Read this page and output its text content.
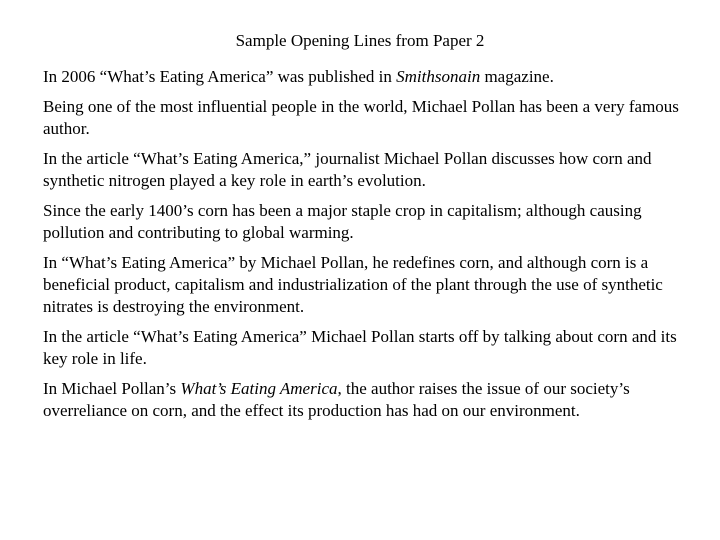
Sample Opening Lines from Paper 2

In 2006 “What’s Eating America” was published in Smithsonain magazine.

Being one of the most influential people in the world, Michael Pollan has been a very famous author.

In the article “What’s Eating America,” journalist Michael Pollan discusses how corn and synthetic nitrogen played a key role in earth’s evolution.

Since the early 1400’s corn has been a major staple crop in capitalism; although causing pollution and contributing to global warming.

In “What’s Eating America” by Michael Pollan, he redefines corn, and although corn is a beneficial product, capitalism and industrialization of the plant through the use of synthetic nitrates is destroying the environment.

In the article “What’s Eating America” Michael Pollan starts off by talking about corn and its key role in life.

In Michael Pollan’s What’s Eating America, the author raises the issue of our society’s overreliance on corn, and the effect its production has had on our environment.
